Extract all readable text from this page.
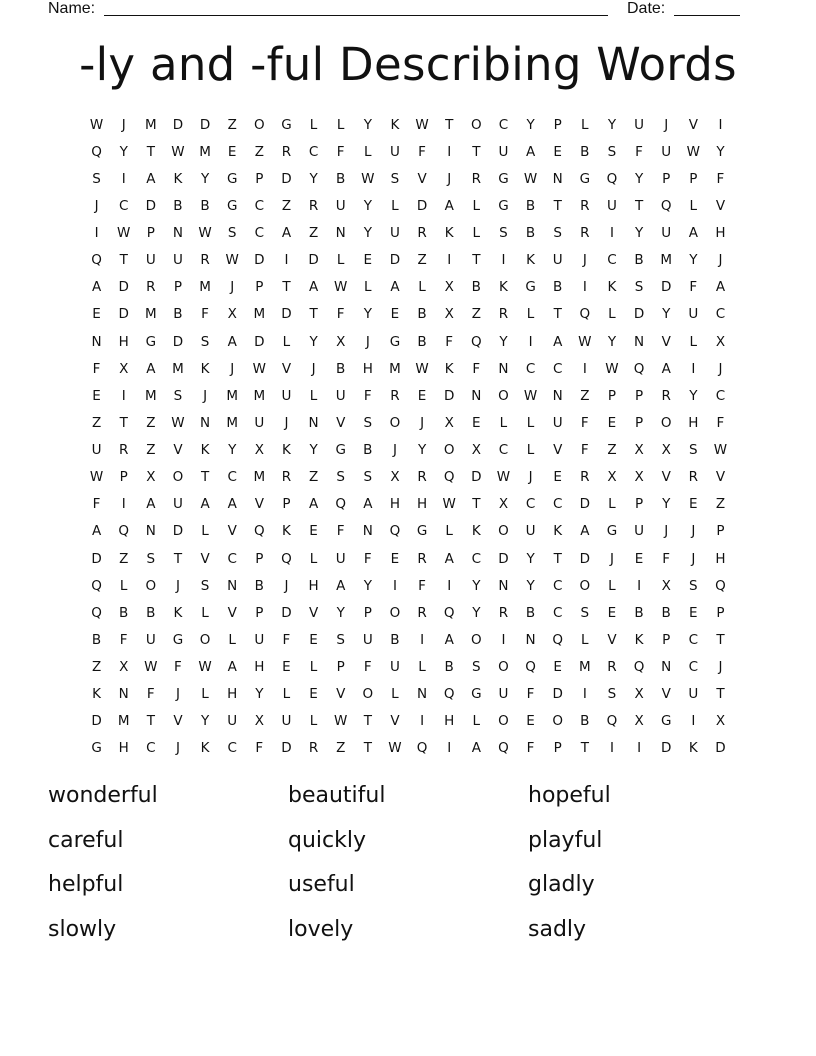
Name:	Date:
-ly and -ful Describing Words
W	J	M	D	D	Z	O	G	L	L	Y	K	W	T	O	C	Y	P	L	Y	U	J	V	I
Q	Y	T	W	M	E	Z	R	C	F	L	U	F	I	T	U	A	E	B	S	F	U	W	Y
S	I	A	K	Y	G	P	D	Y	B	W	S	V	J	R	G	W	N	G	Q	Y	P	P	F
J	C	D	B	B	G	C	Z	R	U	Y	L	D	A	L	G	B	T	R	U	T	Q	L	V
I	W	P	N	W	S	C	A	Z	N	Y	U	R	K	L	S	B	S	R	I	Y	U	A	H
Q	T	U	U	R	W	D	I	D	L	E	D	Z	I	T	I	K	U	J	C	B	M	Y	J
A	D	R	P	M	J	P	T	A	W	L	A	L	X	B	K	G	B	I	K	S	D	F	A
E	D	M	B	F	X	M	D	T	F	Y	E	B	X	Z	R	L	T	Q	L	D	Y	U	C
N	H	G	D	S	A	D	L	Y	X	J	G	B	F	Q	Y	I	A	W	Y	N	V	L	X
F	X	A	M	K	J	W	V	J	B	H	M	W	K	F	N	C	C	I	W	Q	A	I	J
E	I	M	S	J	M	M	U	L	U	F	R	E	D	N	O	W	N	Z	P	P	R	Y	C
Z	T	Z	W	N	M	U	J	N	V	S	O	J	X	E	L	L	U	F	E	P	O	H	F
U	R	Z	V	K	Y	X	K	Y	G	B	J	Y	O	X	C	L	V	F	Z	X	X	S	W
W	P	X	O	T	C	M	R	Z	S	S	X	R	Q	D	W	J	E	R	X	X	V	R	V
F	I	A	U	A	A	V	P	A	Q	A	H	H	W	T	X	C	C	D	L	P	Y	E	Z
A	Q	N	D	L	V	Q	K	E	F	N	Q	G	L	K	O	U	K	A	G	U	J	J	P
D	Z	S	T	V	C	P	Q	L	U	F	E	R	A	C	D	Y	T	D	J	E	F	J	H
Q	L	O	J	S	N	B	J	H	A	Y	I	F	I	Y	N	Y	C	O	L	I	X	S	Q
Q	B	B	K	L	V	P	D	V	Y	P	O	R	Q	Y	R	B	C	S	E	B	B	E	P
B	F	U	G	O	L	U	F	E	S	U	B	I	A	O	I	N	Q	L	V	K	P	C	T
Z	X	W	F	W	A	H	E	L	P	F	U	L	B	S	O	Q	E	M	R	Q	N	C	J
K	N	F	J	L	H	Y	L	E	V	O	L	N	Q	G	U	F	D	I	S	X	V	U	T
D	M	T	V	Y	U	X	U	L	W	T	V	I	H	L	O	E	O	B	Q	X	G	I	X
G	H	C	J	K	C	F	D	R	Z	T	W	Q	I	A	Q	F	P	T	I	I	D	K	D
wonderful	beautiful	hopeful
careful	quickly	playful
helpful	useful	gladly
slowly	lovely	sadly
